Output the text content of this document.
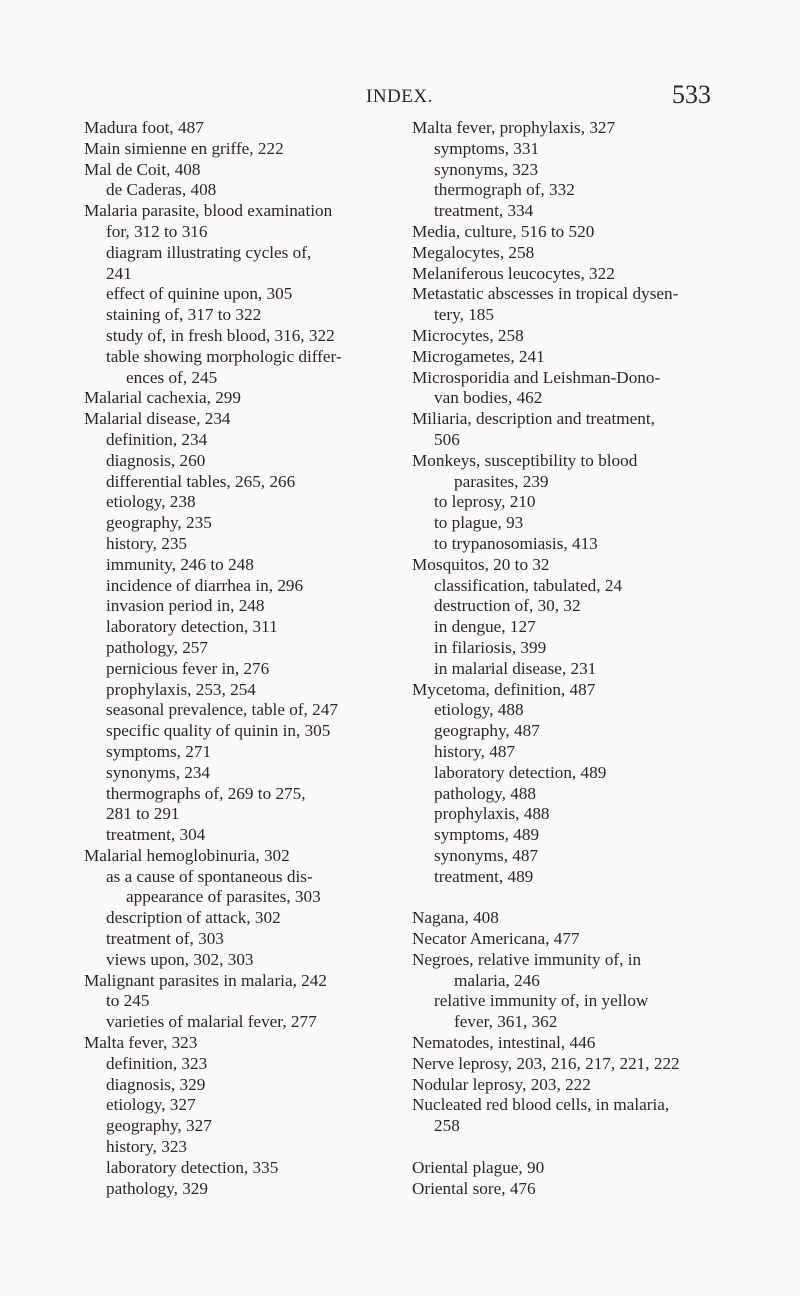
INDEX.	533
Madura foot, 487
Main simienne en griffe, 222
Mal de Coit, 408
de Caderas, 408
Malaria parasite, blood examination
for, 312 to 316
diagram illustrating cycles of,
241
effect of quinine upon, 305
staining of, 317 to 322
study of, in fresh blood, 316, 322
table showing morphologic differ-
ences of, 245
Malarial cachexia, 299
Malarial disease, 234
definition, 234
diagnosis, 260
differential tables, 265, 266
etiology, 238
geography, 235
history, 235
immunity, 246 to 248
incidence of diarrhea in, 296
invasion period in, 248
laboratory detection, 311
pathology, 257
pernicious fever in, 276
prophylaxis, 253, 254
seasonal prevalence, table of, 247
specific quality of quinin in, 305
symptoms, 271
synonyms, 234
thermographs of, 269 to 275,
281 to 291
treatment, 304
Malarial hemoglobinuria, 302
as a cause of spontaneous dis-
appearance of parasites, 303
description of attack, 302
treatment of, 303
views upon, 302, 303
Malignant parasites in malaria, 242
to 245
varieties of malarial fever, 277
Malta fever, 323
definition, 323
diagnosis, 329
etiology, 327
geography, 327
history, 323
laboratory detection, 335
pathology, 329
Malta fever, prophylaxis, 327
symptoms, 331
synonyms, 323
thermograph of, 332
treatment, 334
Media, culture, 516 to 520
Megalocytes, 258
Melaniferous leucocytes, 322
Metastatic abscesses in tropical dysen-
tery, 185
Microcytes, 258
Microgametes, 241
Microsporidia and Leishman-Dono-
van bodies, 462
Miliaria, description and treatment,
506
Monkeys, susceptibility to blood
parasites, 239
to leprosy, 210
to plague, 93
to trypanosomiasis, 413
Mosquitos, 20 to 32
classification, tabulated, 24
destruction of, 30, 32
in dengue, 127
in filariosis, 399
in malarial disease, 231
Mycetoma, definition, 487
etiology, 488
geography, 487
history, 487
laboratory detection, 489
pathology, 488
prophylaxis, 488
symptoms, 489
synonyms, 487
treatment, 489
Nagana, 408
Necator Americana, 477
Negroes, relative immunity of, in
malaria, 246
relative immunity of, in yellow
fever, 361, 362
Nematodes, intestinal, 446
Nerve leprosy, 203, 216, 217, 221, 222
Nodular leprosy, 203, 222
Nucleated red blood cells, in malaria,
258
Oriental plague, 90
Oriental sore, 476
